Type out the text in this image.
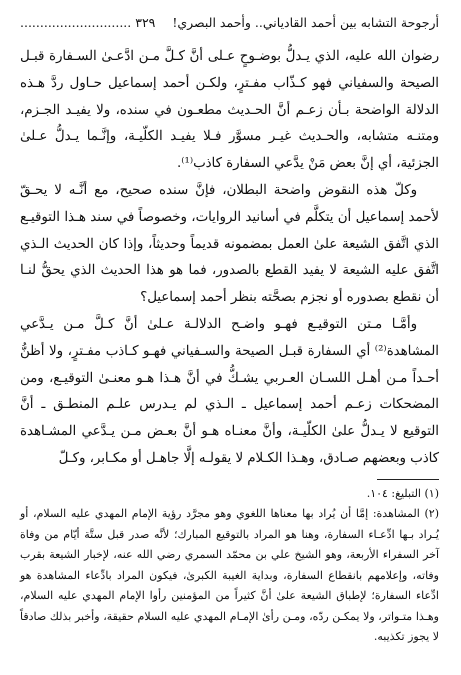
أرجوحة التشابه بين أحمد القادياني.. وأحمد البصري!
............................ ٣٢٩

رضوان الله عليه، الذي يـدلُّ بوضـوحٍ عـلى أنَّ كـلَّ مـن ادَّعـىٰ السـفارة قبـل الصيحة والسفياني فهو كـذّاب مفـترٍ، ولكـن أحمد إسماعيل حـاول ردَّ هـذه الدلالة الواضحة بـأن زعـم أنَّ الحـديث مطعـون في سنده، ولا يفيـد الجـزم، ومتنـه متشابه، والحـديث غيـر مسوَّر فـلا يفيـد الكلّيـة، وإنَّـما يـدلُّ عـلىٰ الجزئية، أي إنَّ بعض مَنْ يدَّعي السفارة كاذب⁽¹⁾.

وكلّ هذه النقوض واضحة البطلان، فإنَّ سنده صحيح، مع أنَّـه لا يحـقّ لأحمد إسماعيل أن يتكلَّم في أسانيد الروايات، وخصوصاً في سند هـذا التوقيـع الذي اتَّفق الشيعة علىٰ العمل بمضمونه قديماً وحديثاً، وإذا كان الحديث الـذي اتَّفق عليه الشيعة لا يفيد القطع بالصدور، فما هو هذا الحديث الذي يحقُّ لنـا أن نقطع بصدوره أو نجزم بصحَّته بنظر أحمد إسماعيل؟

وأمَّـا مـتن التوقيـع فهـو واضـح الدلالـة عـلىٰ أنَّ كـلَّ مـن يـدَّعي المشاهدة⁽²⁾ أي السفارة قبـل الصيحة والسـفياني فهـو كـاذب مفـترٍ، ولا أظنُّ أحـداً مـن أهـل اللسـان العـربي يشـكُّ في أنَّ هـذا هـو معنـىٰ التوقيـع، ومن المضحكات زعـم أحمد إسماعيل ـ الـذي لم يـدرس علـم المنطـق ـ أنَّ التوقيع لا يـدلُّ علىٰ الكلّيـة، وأنَّ معنـاه هـو أنَّ بعـض مـن يـدَّعي المشـاهدة كاذب وبعضهم صـادق، وهـذا الكـلام لا يقولـه إلَّا جاهـل أو مكـابر، وكـلّ

(١) التبليغ: ١٠٤.

(٢) المشاهدة: إمَّا أن يُراد بها معناها اللغوي وهو مجرَّد رؤية الإمام المهدي عليه السلام، أو يُـراد بـها ادِّعـاء السفارة، وهنا هو المراد بالتوقيع المبارك؛ لأنَّه صدر قبل ستَّة أيّام من وفاة آخر السفراء الأربعة، وهو الشيخ علي بن محمّد السمري رضي الله عنه، لإخبار الشيعة بقرب وفاته، وإعلامهم بانقطاع السفارة، وبداية الغيبة الكبرىٰ، فيكون المراد بادِّعاء المشاهدة هو ادِّعاء السفارة؛ لإطباق الشيعة علىٰ أنَّ كثيراً من المؤمنين رأوا الإمام المهدي عليه السلام، وهـذا متـواتر، ولا يمكـن ردّه، ومـن رأىٰ الإمـام المهدي عليه السلام حقيقة، وأخبر بذلك صادقاً لا يجوز تكذيبه.
